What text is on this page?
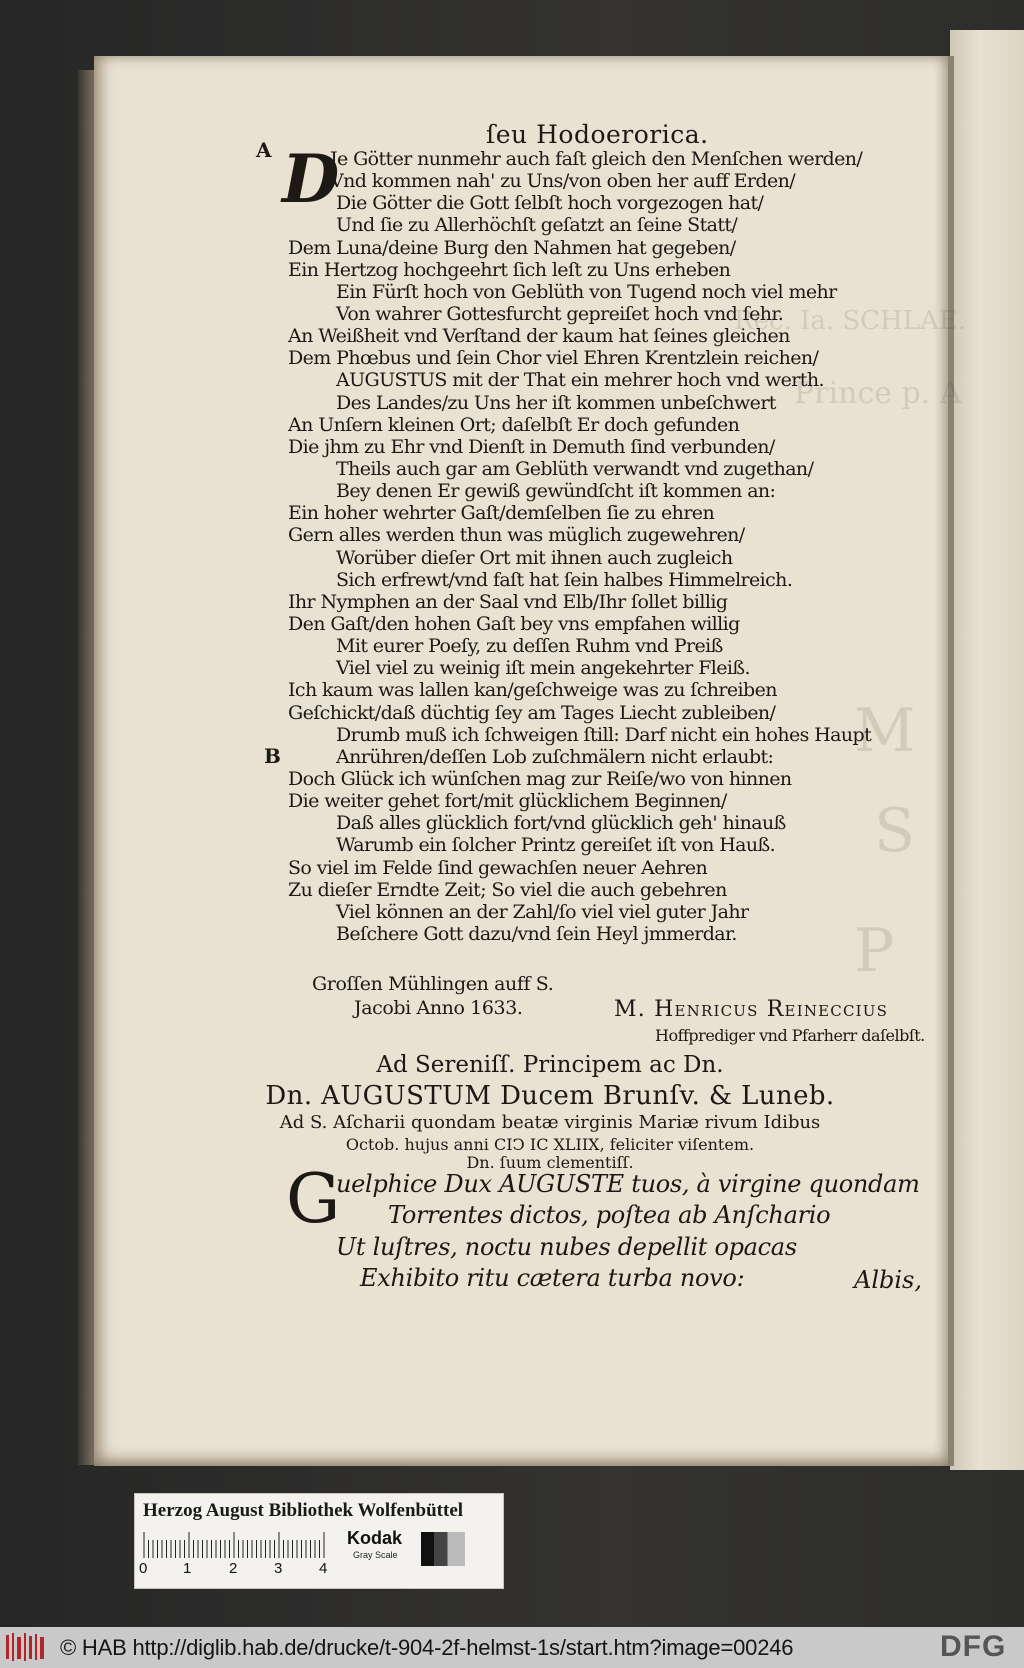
Rec. Ia. SCHLAE.
Prince p. A
M
S
P
ſeu Hodoerorica.
A
B
D
Je Götter nunmehr auch faſt gleich den Menſchen werden/
Vnd kommen nah' zu Uns/von oben her auff Erden/
Die Götter die Gott ſelbſt hoch vorgezogen hat/
Und ſie zu Allerhöchſt geſatzt an ſeine Statt/
Dem Luna/deine Burg den Nahmen hat gegeben/
Ein Hertzog hochgeehrt ſich leſt zu Uns erheben
Ein Fürſt hoch von Geblüth von Tugend noch viel mehr
Von wahrer Gottesfurcht gepreiſet hoch vnd ſehr.
An Weißheit vnd Verſtand der kaum hat ſeines gleichen
Dem Phœbus und ſein Chor viel Ehren Krentzlein reichen/
AUGUSTUS mit der That ein mehrer hoch vnd werth.
Des Landes/zu Uns her iſt kommen unbeſchwert
An Unſern kleinen Ort; daſelbſt Er doch gefunden
Die jhm zu Ehr vnd Dienſt in Demuth ſind verbunden/
Theils auch gar am Geblüth verwandt vnd zugethan/
Bey denen Er gewiß gewündſcht iſt kommen an:
Ein hoher wehrter Gaſt/demſelben ſie zu ehren
Gern alles werden thun was müglich zugewehren/
Worüber dieſer Ort mit ihnen auch zugleich
Sich erfrewt/vnd faſt hat ſein halbes Himmelreich.
Ihr Nymphen an der Saal vnd Elb/Ihr ſollet billig
Den Gaſt/den hohen Gaſt bey vns empfahen willig
Mit eurer Poeſy, zu deſſen Ruhm vnd Preiß
Viel viel zu weinig iſt mein angekehrter Fleiß.
Ich kaum was lallen kan/geſchweige was zu ſchreiben
Geſchickt/daß düchtig ſey am Tages Liecht zubleiben/
Drumb muß ich ſchweigen ſtill: Darf nicht ein hohes Haupt
Anrühren/deſſen Lob zuſchmälern nicht erlaubt:
Doch Glück ich wünſchen mag zur Reiſe/wo von hinnen
Die weiter gehet fort/mit glücklichem Beginnen/
Daß alles glücklich fort/vnd glücklich geh' hinauß
Warumb ein ſolcher Printz gereiſet iſt von Hauß.
So viel im Felde ſind gewachſen neuer Aehren
Zu dieſer Erndte Zeit; So viel die auch gebehren
Viel können an der Zahl/ſo viel viel guter Jahr
Beſchere Gott dazu/vnd ſein Heyl jmmerdar.
Groſſen Mühlingen auff S.
Jacobi Anno 1633.	M. Henricus Reineccius
Hoffprediger vnd Pfarherr daſelbſt.
Ad Sereniſſ. Principem ac Dn.
Dn. AUGUSTUM Ducem Brunſv. & Luneb.
Ad S. Aſcharii quondam beatæ virginis Mariæ rivum Idibus
Octob. hujus anni CIↃ IC XLIIX, feliciter viſentem.
Dn. ſuum clementiſſ.
G
uelphice Dux AUGUSTE tuos, à virgine quondam
Torrentes dictos, poſtea ab Anſchario
Ut luſtres, noctu nubes depellit opacas
Exhibito ritu cætera turba novo:	Albis,
Herzog August Bibliothek Wolfenbüttel
0 1	2 3 4
Kodak
Gray Scale
© HAB http://diglib.hab.de/drucke/t-904-2f-helmst-1s/start.htm?image=00246	DFG
